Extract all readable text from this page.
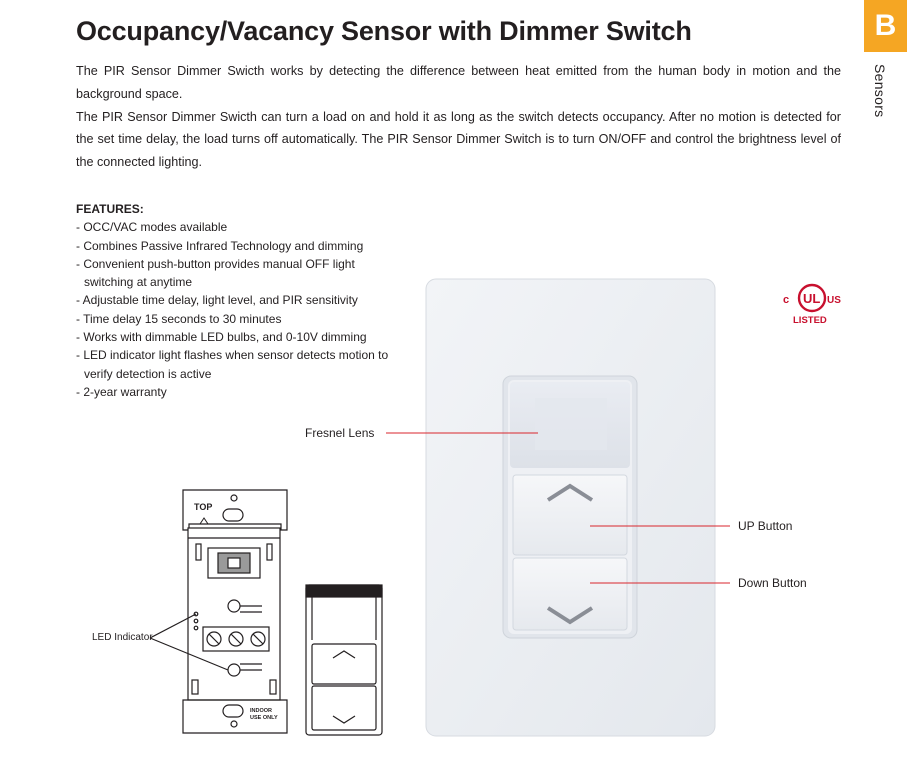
B
Sensors
Occupancy/Vacancy Sensor with Dimmer Switch

The PIR Sensor Dimmer Swicth works by detecting the difference between heat emitted from the human body in motion and the background space.

The PIR Sensor Dimmer Swicth can turn a load on and hold it as long as the switch detects occupancy. After no motion is detected for the set time delay, the load turns off automatically. The PIR Sensor Dimmer Switch is to turn ON/OFF and control the brightness level of the connected lighting.

FEATURES:
- OCC/VAC modes available
- Combines Passive Infrared Technology and dimming
- Convenient push-button provides manual OFF light switching at anytime
- Adjustable time delay, light level, and PIR sensitivity
- Time delay 15 seconds to 30 minutes
- Works with dimmable LED bulbs, and 0-10V dimming
- LED indicator light flashes when sensor detects motion to verify detection is active
- 2-year warranty
c UL US
LISTED
TOP
INDOOR
USE ONLY
LED Indicator
Fresnel Lens
UP Button
Down Button
